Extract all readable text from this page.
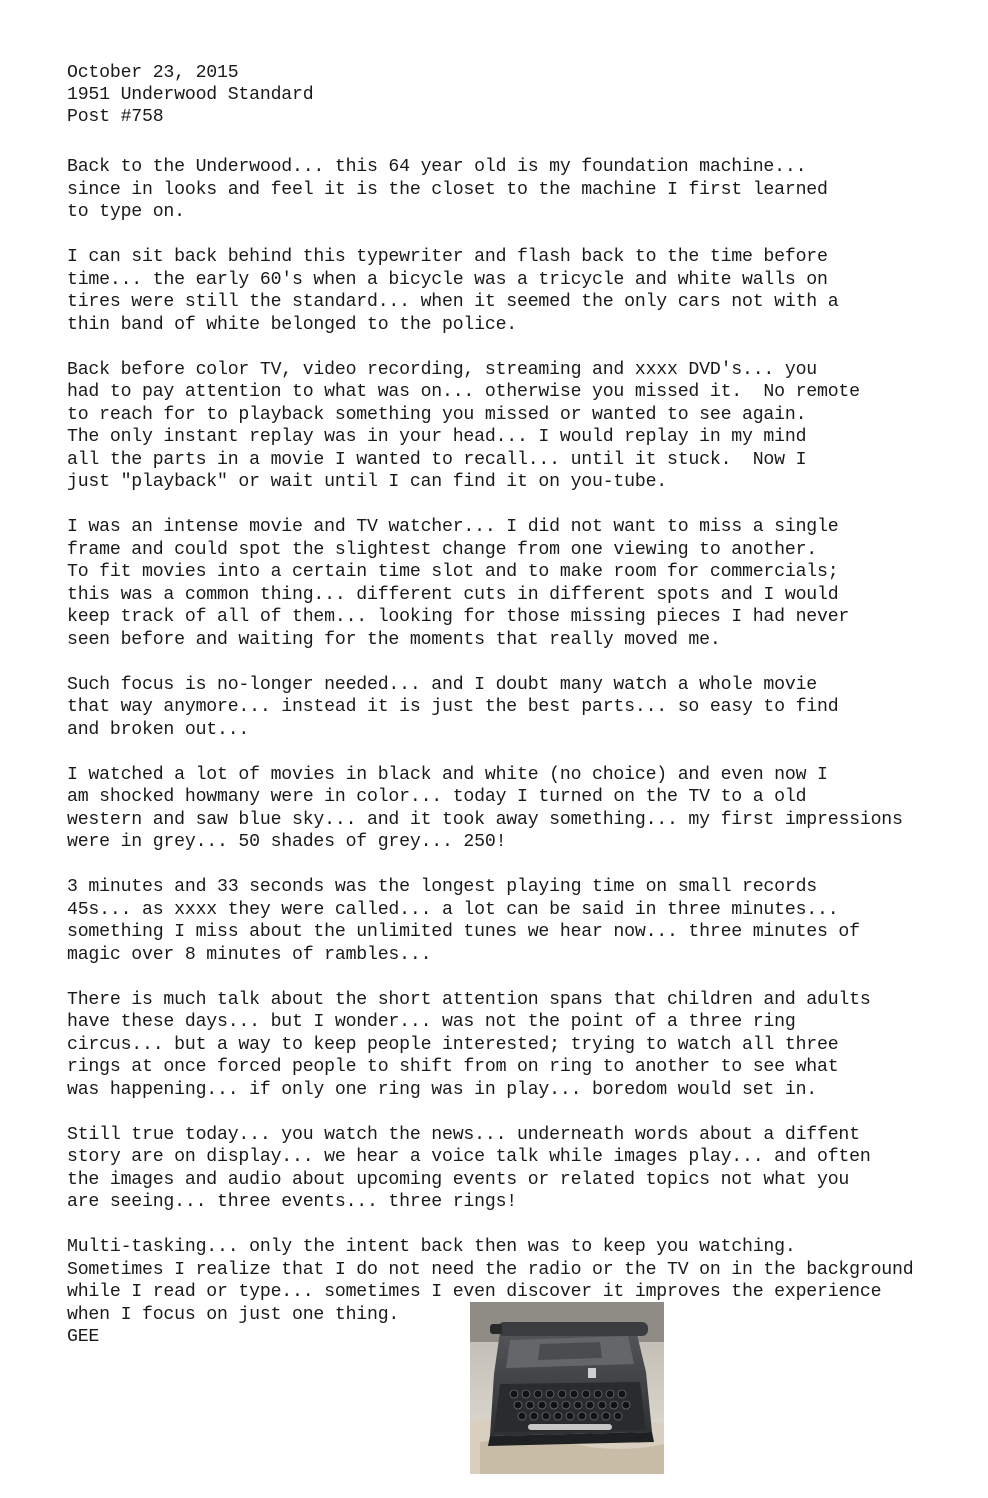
October 23, 2015
1951 Underwood Standard
Post #758
Back to the Underwood... this 64 year old is my foundation machine...
since in looks and feel it is the closet to the machine I first learned
to type on.
I can sit back behind this typewriter and flash back to the time before
time... the early 60's when a bicycle was a tricycle and white walls on
tires were still the standard... when it seemed the only cars not with a
thin band of white belonged to the police.
Back before color TV, video recording, streaming and xxxx DVD's... you
had to pay attention to what was on... otherwise you missed it.  No remote
to reach for to playback something you missed or wanted to see again.
The only instant replay was in your head... I would replay in my mind
all the parts in a movie I wanted to recall... until it stuck.  Now I
just "playback" or wait until I can find it on you-tube.
I was an intense movie and TV watcher... I did not want to miss a single
frame and could spot the slightest change from one viewing to another.
To fit movies into a certain time slot and to make room for commercials;
this was a common thing... different cuts in different spots and I would
keep track of all of them... looking for those missing pieces I had never
seen before and waiting for the moments that really moved me.
Such focus is no-longer needed... and I doubt many watch a whole movie
that way anymore... instead it is just the best parts... so easy to find
and broken out...
I watched a lot of movies in black and white (no choice) and even now I
am shocked howmany were in color... today I turned on the TV to a old
western and saw blue sky... and it took away something... my first impressions
were in grey... 50 shades of grey... 250!
3 minutes and 33 seconds was the longest playing time on small records
45s... as xxxx they were called... a lot can be said in three minutes...
something I miss about the unlimited tunes we hear now... three minutes of
magic over 8 minutes of rambles...
There is much talk about the short attention spans that children and adults
have these days... but I wonder... was not the point of a three ring
circus... but a way to keep people interested; trying to watch all three
rings at once forced people to shift from on ring to another to see what
was happening... if only one ring was in play... boredom would set in.
Still true today... you watch the news... underneath words about a diffent
story are on display... we hear a voice talk while images play... and often
the images and audio about upcoming events or related topics not what you
are seeing... three events... three rings!
Multi-tasking... only the intent back then was to keep you watching.
Sometimes I realize that I do not need the radio or the TV on in the background
while I read or type... sometimes I even discover it improves the experience
when I focus on just one thing.
GEE
